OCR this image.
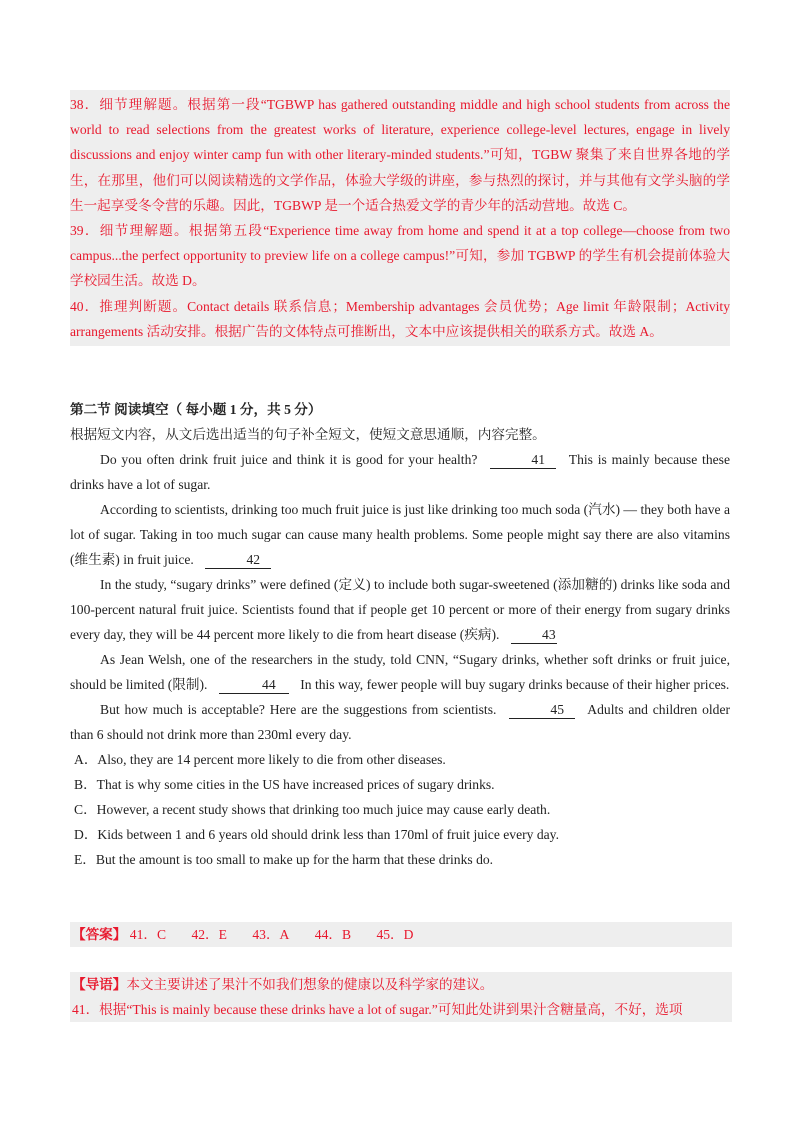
38．细节理解题。根据第一段“TGBWP has gathered outstanding middle and high school students from across the world to read selections from the greatest works of literature, experience college-level lectures, engage in lively discussions and enjoy winter camp fun with other literary-minded students.”可知，TGBW 聚集了来自世界各地的学生，在那里，他们可以阅读精选的文学作品，体验大学级的讲座，参与热烈的探讨，并与其他有文学头脑的学生一起享受冬令营的乐趣。因此，TGBWP 是一个适合热爱文学的青少年的活动营地。故选 C。

39．细节理解题。根据第五段“Experience time away from home and spend it at a top college—choose from two campus...the perfect opportunity to preview life on a college campus!”可知，参加 TGBWP 的学生有机会提前体验大学校园生活。故选 D。

40．推理判断题。Contact details 联系信息；Membership advantages 会员优势；Age limit 年龄限制；Activity arrangements 活动安排。根据广告的文体特点可推断出，文本中应该提供相关的联系方式。故选 A。

第二节 阅读填空（ 每小题 1 分，共 5 分）

根据短文内容，从文后选出适当的句子补全短文，使短文意思通顺，内容完整。

Do you often drink fruit juice and think it is good for your health?	41 This is mainly because these drinks have a lot of sugar.

According to scientists, drinking too much fruit juice is just like drinking too much soda (汽水) — they both have a lot of sugar. Taking in too much sugar can cause many health problems. Some people might say there are also vitamins (维生素) in fruit juice.	42

In the study, “sugary drinks” were defined (定义) to include both sugar-sweetened (添加糖的) drinks like soda and 100-percent natural fruit juice. Scientists found that if people get 10 percent or more of their energy from sugary drinks every day, they will be 44 percent more likely to die from heart disease (疾病).	43

As Jean Welsh, one of the researchers in the study, told CNN, “Sugary drinks, whether soft drinks or fruit juice, should be limited (限制).	44 In this way, fewer people will buy sugary drinks because of their higher prices.

But how much is acceptable? Here are the suggestions from scientists.	45 Adults and children older than 6 should not drink more than 230ml every day.

A．Also, they are 14 percent more likely to die from other diseases.

B．That is why some cities in the US have increased prices of sugary drinks.

C．However, a recent study shows that drinking too much juice may cause early death.

D．Kids between 1 and 6 years old should drink less than 170ml of fruit juice every day.

E．But the amount is too small to make up for the harm that these drinks do.

【答案】 41．C 42．E 43．A 44．B 45．D

【导语】本文主要讲述了果汁不如我们想象的健康以及科学家的建议。

41．根据“This is mainly because these drinks have a lot of sugar.”可知此处讲到果汁含糖量高，不好，选项
